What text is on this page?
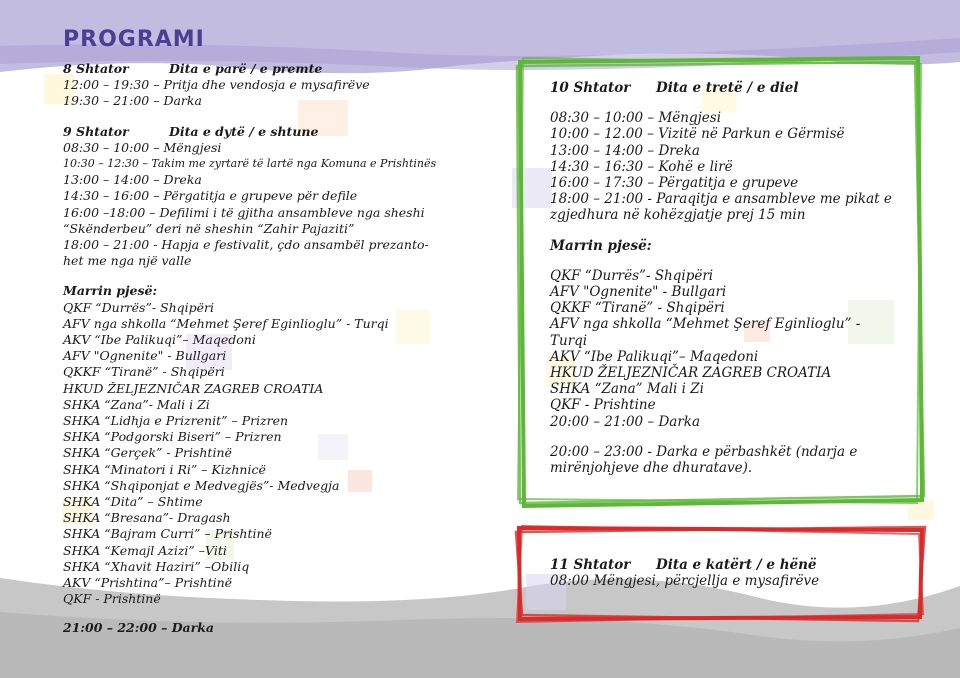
PROGRAMI
8 Shtator	Dita e parë / e premte
12:00 – 19:30 – Pritja dhe vendosja e mysafirëve
19:30 – 21:00 – Darka
9 Shtator	Dita e dytë / e shtune
08:30 – 10:00 – Mëngjesi
10:30 – 12:30 – Takim me zyrtarë të lartë nga Komuna e Prishtinës
13:00 – 14:00 – Dreka
14:30 – 16:00 – Përgatitja e grupeve për defile
16:00 –18:00 – Defilimi i të gjitha ansambleve nga sheshi
“Skënderbeu” deri në sheshin “Zahir Pajaziti”
18:00 – 21:00 - Hapja e festivalit, çdo ansambël prezanto-
het me nga një valle
Marrin pjesë:
QKF “Durrës”- Shqipëri
AFV nga shkolla “Mehmet Şeref Eginlioglu” - Turqi
AKV “Ibe Palikuqi”– Maqedoni
AFV "Ognenite" - Bullgari
QKKF “Tiranë” - Shqipëri
HKUD ŽELJEZNIČAR ZAGREB CROATIA
SHKA “Zana”- Mali i Zi
SHKA “Lidhja e Prizrenit” – Prizren
SHKA “Podgorski Biseri” – Prizren
SHKA “Gerçek” - Prishtinë
SHKA “Minatori i Ri” – Kizhnicë
SHKA “Shqiponjat e Medvegjës”- Medvegja
SHKA “Dita” – Shtime
SHKA “Bresana”- Dragash
SHKA “Bajram Curri” – Prishtinë
SHKA “Kemajl Azizi” –Viti
SHKA “Xhavit Haziri” –Obiliq
AKV “Prishtina”– Prishtinë
QKF - Prishtinë
21:00 – 22:00 – Darka
10 Shtator Dita e tretë / e diel
08:30 – 10:00 – Mëngjesi
10:00 – 12.00 – Vizitë në Parkun e Gërmisë
13:00 – 14:00 – Dreka
14:30 – 16:30 – Kohë e lirë
16:00 – 17:30 – Përgatitja e grupeve
18:00 – 21:00 - Paraqitja e ansambleve me pikat e
zgjedhura në kohëzgjatje prej 15 min
Marrin pjesë:
QKF “Durrës”- Shqipëri
AFV "Ognenite" - Bullgari
QKKF “Tiranë” - Shqipëri
AFV nga shkolla “Mehmet Şeref Eginlioglu” -
Turqi
AKV “Ibe Palikuqi”– Maqedoni
HKUD ŽELJEZNIČAR ZAGREB CROATIA
SHKA “Zana” Mali i Zi
QKF - Prishtine
20:00 – 21:00 – Darka
20:00 – 23:00 - Darka e përbashkët (ndarja e
mirënjohjeve dhe dhuratave).
11 Shtator Dita e katërt / e hënë
08:00 Mëngjesi, përcjellja e mysafirëve
